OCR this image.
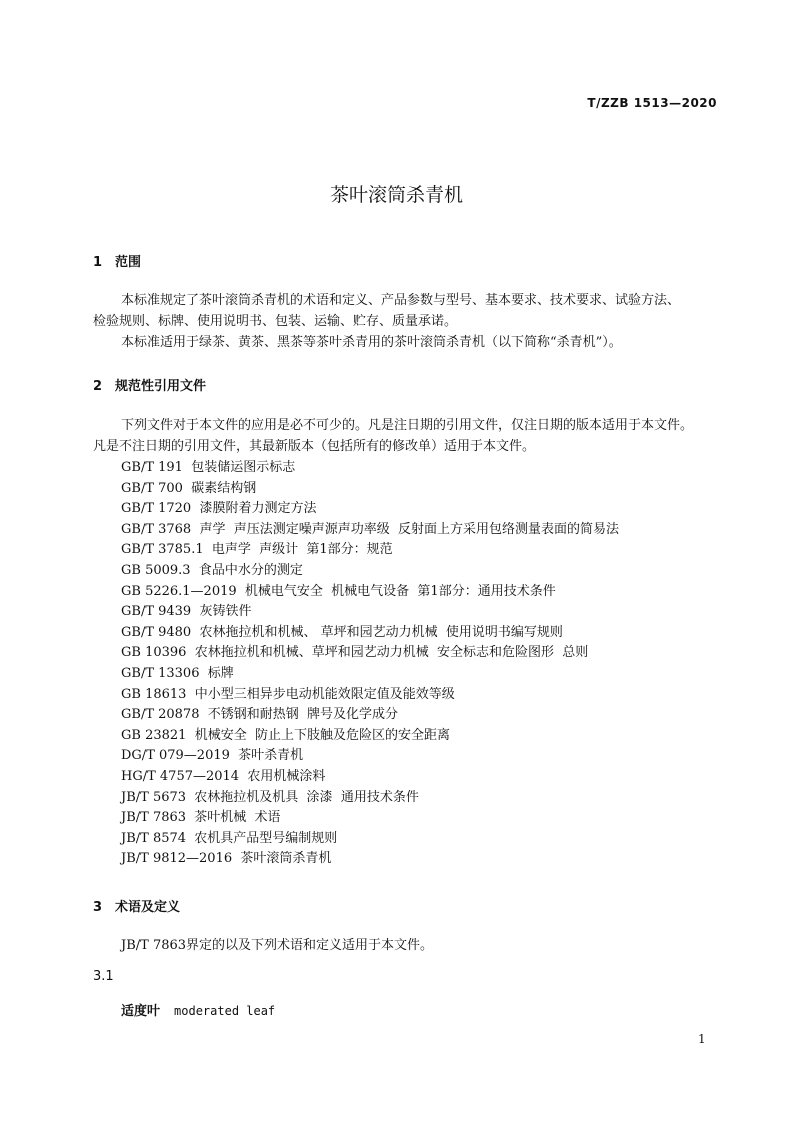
T/ZZB 1513—2020
茶叶滚筒杀青机
1 范围
本标准规定了茶叶滚筒杀青机的术语和定义、产品参数与型号、基本要求、技术要求、试验方法、
检验规则、标牌、使用说明书、包装、运输、贮存、质量承诺。
本标准适用于绿茶、黄茶、黑茶等茶叶杀青用的茶叶滚筒杀青机（以下简称“杀青机”）。
2 规范性引用文件
下列文件对于本文件的应用是必不可少的。凡是注日期的引用文件，仅注日期的版本适用于本文件。
凡是不注日期的引用文件，其最新版本（包括所有的修改单）适用于本文件。
GB/T 191  包装储运图示标志
GB/T 700  碳素结构钢
GB/T 1720  漆膜附着力测定方法
GB/T 3768  声学  声压法测定噪声源声功率级  反射面上方采用包络测量表面的简易法
GB/T 3785.1  电声学  声级计  第1部分：规范
GB 5009.3  食品中水分的测定
GB 5226.1—2019  机械电气安全  机械电气设备  第1部分：通用技术条件
GB/T 9439  灰铸铁件
GB/T 9480  农林拖拉机和机械、 草坪和园艺动力机械  使用说明书编写规则
GB 10396  农林拖拉机和机械、草坪和园艺动力机械  安全标志和危险图形  总则
GB/T 13306  标牌
GB 18613  中小型三相异步电动机能效限定值及能效等级
GB/T 20878  不锈钢和耐热钢  牌号及化学成分
GB 23821  机械安全  防止上下肢触及危险区的安全距离
DG/T 079—2019  茶叶杀青机
HG/T 4757—2014  农用机械涂料
JB/T 5673  农林拖拉机及机具  涂漆  通用技术条件
JB/T 7863  茶叶机械  术语
JB/T 8574  农机具产品型号编制规则
JB/T 9812—2016  茶叶滚筒杀青机
3 术语及定义
JB/T 7863界定的以及下列术语和定义适用于本文件。
3.1
适度叶 moderated leaf
1
